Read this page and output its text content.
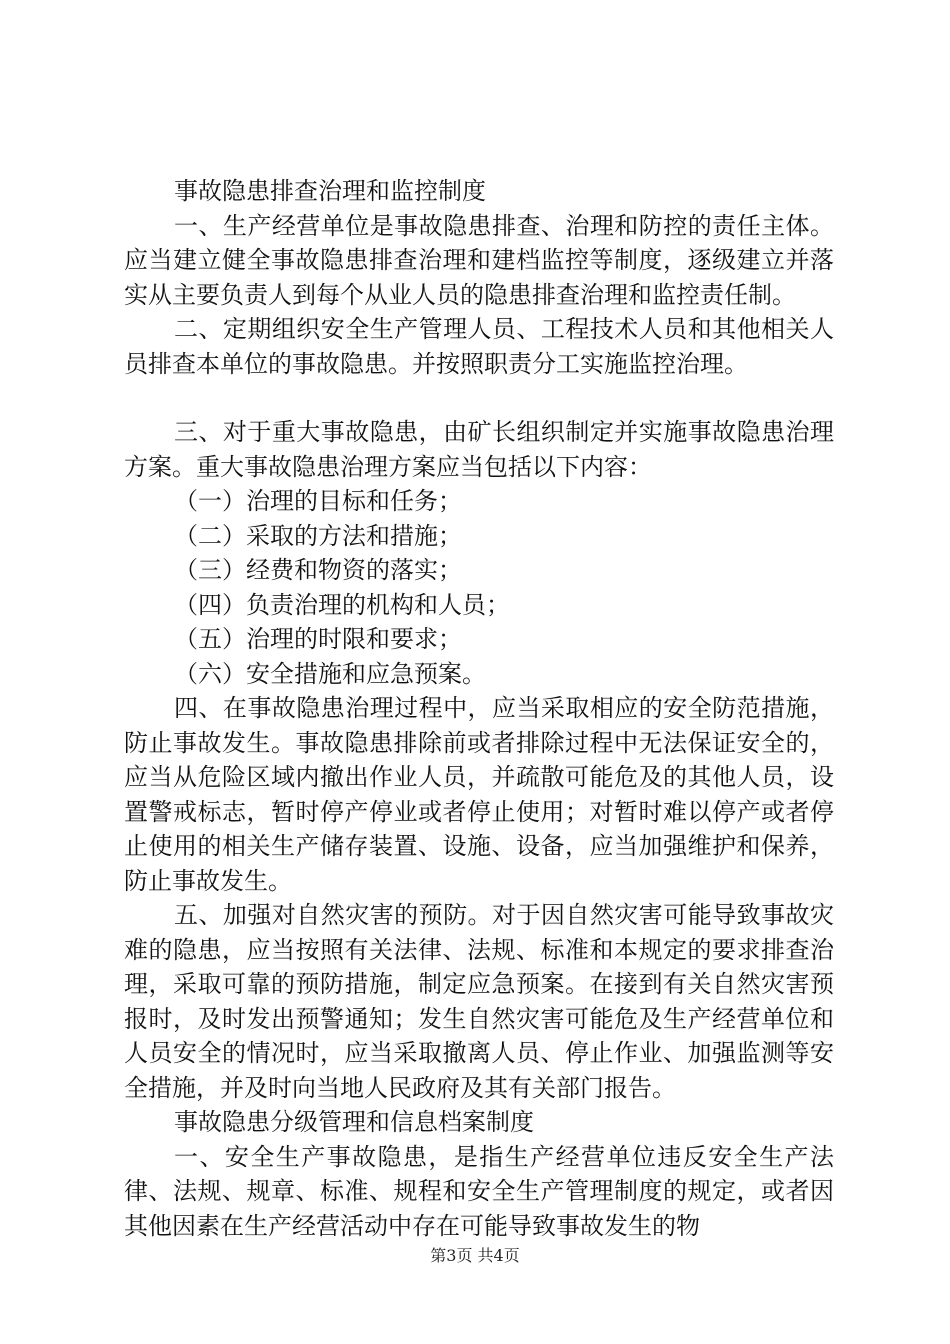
事故隐患排查治理和监控制度

一、生产经营单位是事故隐患排查、治理和防控的责任主体。应当建立健全事故隐患排查治理和建档监控等制度，逐级建立并落实从主要负责人到每个从业人员的隐患排查治理和监控责任制。

二、定期组织安全生产管理人员、工程技术人员和其他相关人员排查本单位的事故隐患。并按照职责分工实施监控治理。

三、对于重大事故隐患，由矿长组织制定并实施事故隐患治理方案。重大事故隐患治理方案应当包括以下内容：

（一）治理的目标和任务；

（二）采取的方法和措施；

（三）经费和物资的落实；

（四）负责治理的机构和人员；

（五）治理的时限和要求；

（六）安全措施和应急预案。

四、在事故隐患治理过程中，应当采取相应的安全防范措施，防止事故发生。事故隐患排除前或者排除过程中无法保证安全的，应当从危险区域内撤出作业人员，并疏散可能危及的其他人员，设置警戒标志，暂时停产停业或者停止使用；对暂时难以停产或者停止使用的相关生产储存装置、设施、设备，应当加强维护和保养，防止事故发生。

五、加强对自然灾害的预防。对于因自然灾害可能导致事故灾难的隐患，应当按照有关法律、法规、标准和本规定的要求排查治理，采取可靠的预防措施，制定应急预案。在接到有关自然灾害预报时，及时发出预警通知；发生自然灾害可能危及生产经营单位和人员安全的情况时，应当采取撤离人员、停止作业、加强监测等安全措施，并及时向当地人民政府及其有关部门报告。

事故隐患分级管理和信息档案制度

一、安全生产事故隐患，是指生产经营单位违反安全生产法律、法规、规章、标准、规程和安全生产管理制度的规定，或者因其他因素在生产经营活动中存在可能导致事故发生的物

第3页 共4页
